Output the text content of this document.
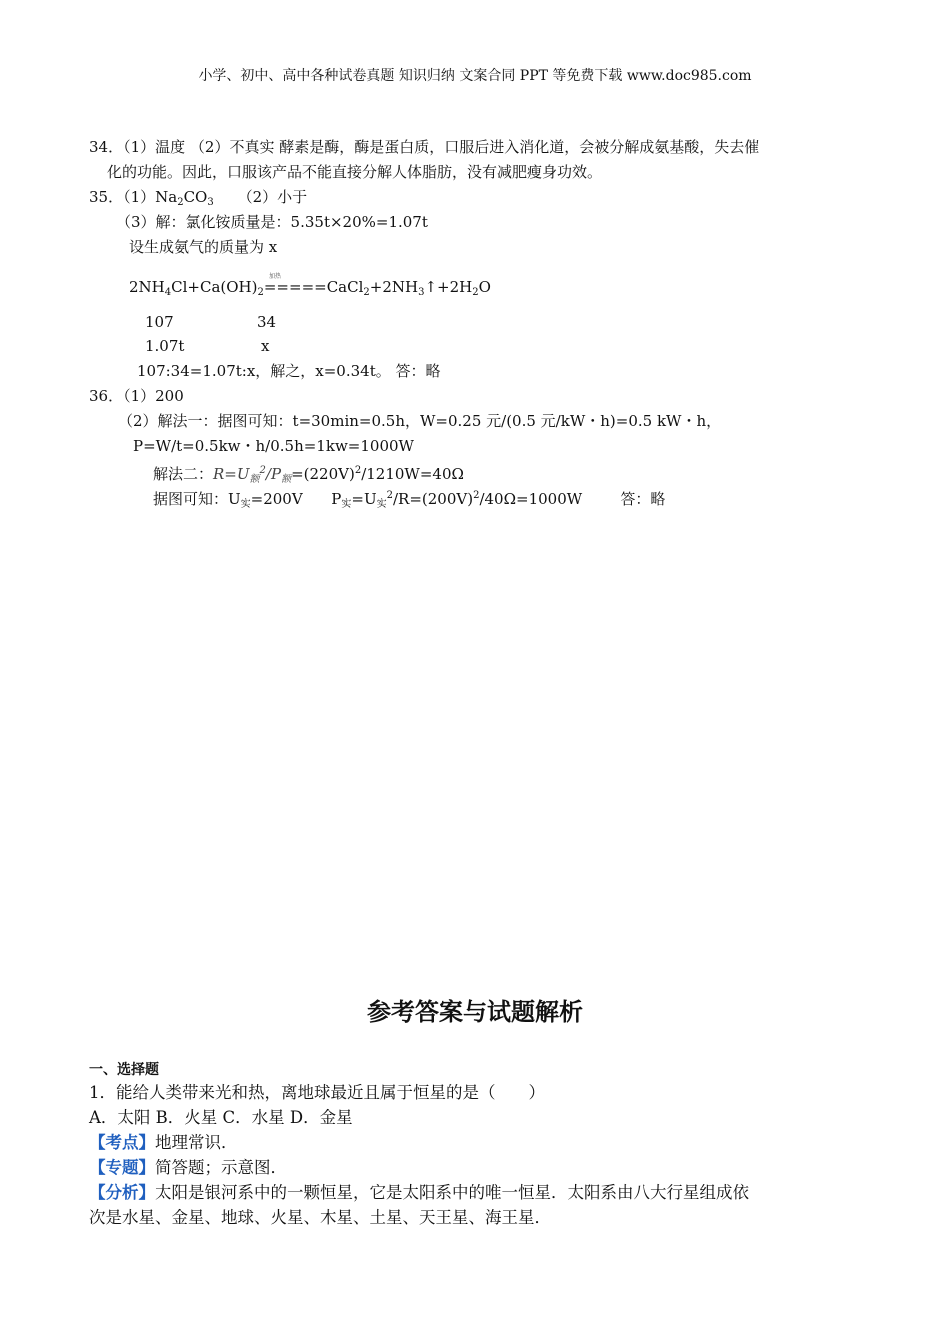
小学、初中、高中各种试卷真题 知识归纳 文案合同 PPT 等免费下载 www.doc985.com
34．（1）温度 （2）不真实 酵素是酶，酶是蛋白质，口服后进入消化道，会被分解成氨基酸，失去催
化的功能。因此，口服该产品不能直接分解人体脂肪，没有减肥瘦身功效。
35．$(1)Na_2CO_3$     （2）小于
（3）解：氯化铵质量是：5.35t×20%=1.07t
设生成氨气的质量为 x
加热
$2NH_4Cl+Ca(OH)_2=====CaCl_2+2NH_3↑+2H_2O$
107	34
1.07t	x
107:34=1.07t:x，解之，x=0.34t。 答：略
36．（1）200
（2）解法一：据图可知：t=30min=0.5h，W=0.25 元/(0.5 元/kW・h)=0.5 kW・h，
P=W/t=0.5kw・h/0.5h=1kw=1000W
解法二：$R=U_额^2/P_额=(220V)^2/1210W=40\Omega$
据图可知：$U_实=200V$      $P_实=U_实^2/R=(200V)^2/40\Omega=1000W$        答：略
参考答案与试题解析
一、选择题
1．能给人类带来光和热，离地球最近且属于恒星的是（　　）
A．太阳 B．火星 C．水星 D．金星
【考点】地理常识．
【专题】简答题；示意图．
【分析】太阳是银河系中的一颗恒星，它是太阳系中的唯一恒星．太阳系由八大行星组成依
次是水星、金星、地球、火星、木星、土星、天王星、海王星．
